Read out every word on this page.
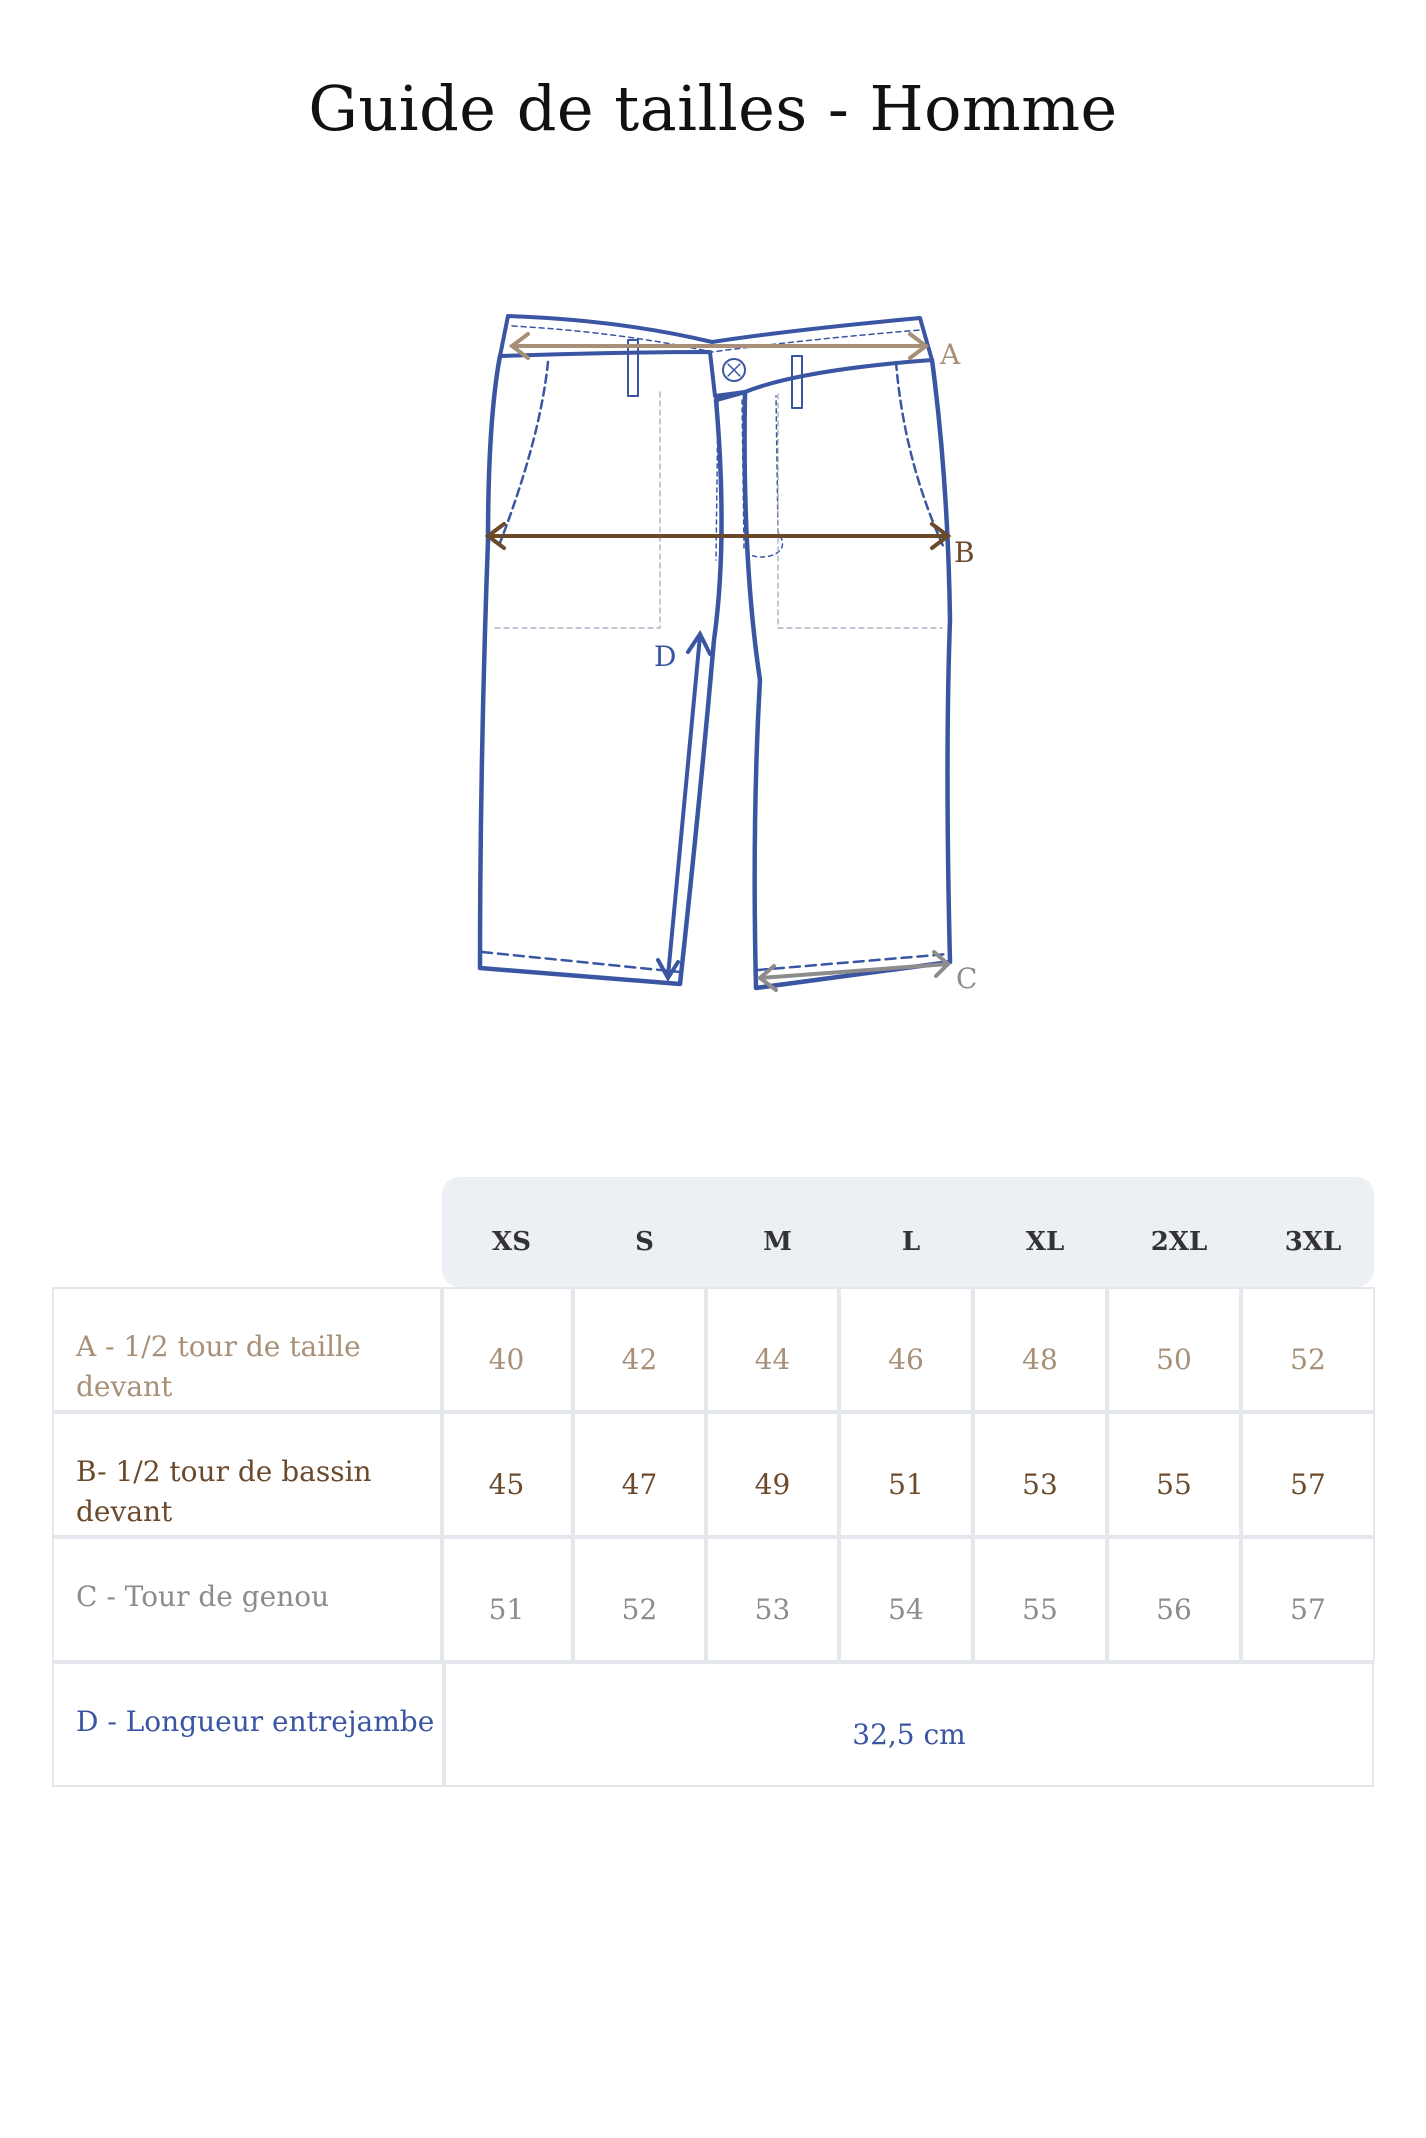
Guide de tailles - Homme
A
B
C
D
XS	S	M	L	XL	2XL	3XL
A - 1/2 tour de taille devant
40	42	44	46	48	50	52
B- 1/2 tour de bassin devant
45	47	49	51	53	55	57
C - Tour de genou	51	52	53	54	55	56	57
D - Longueur entrejambe	32,5 cm
